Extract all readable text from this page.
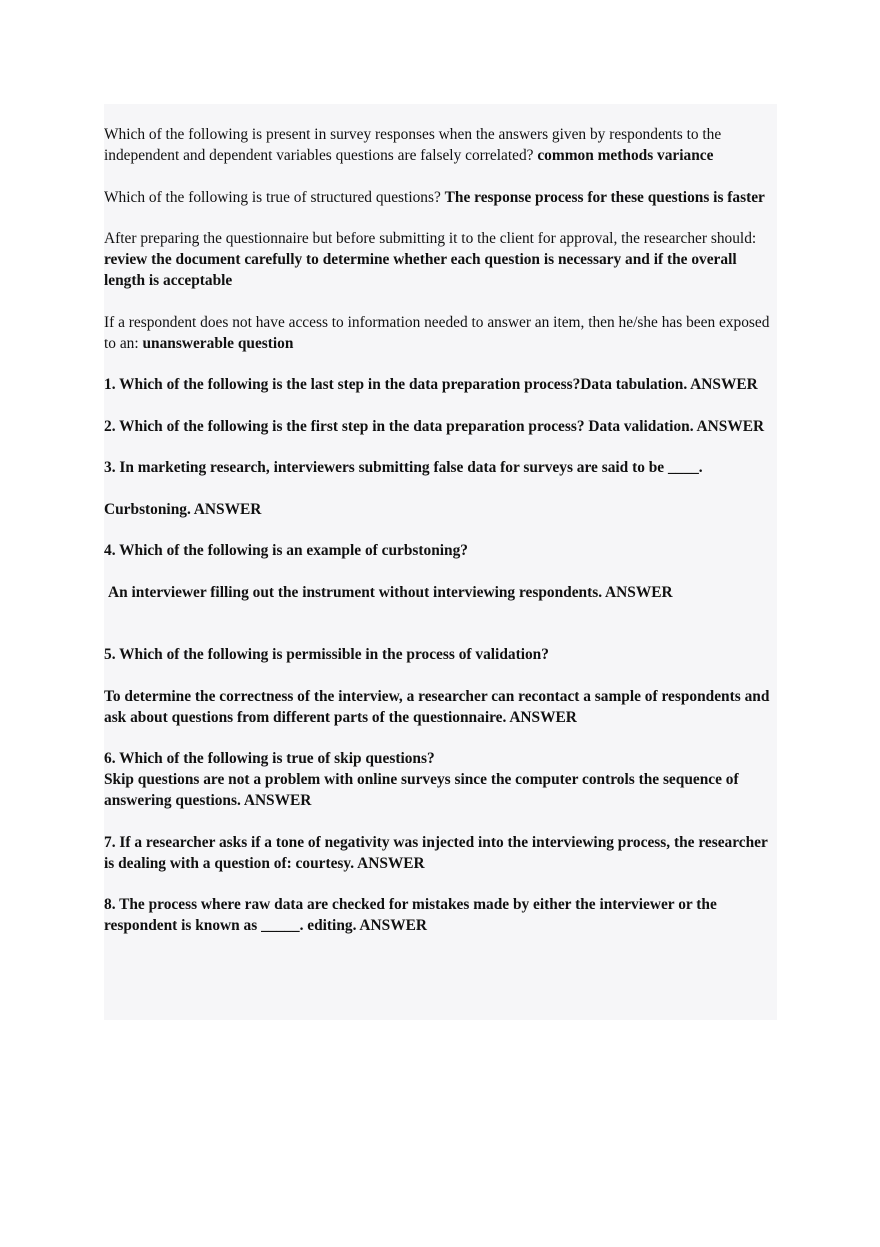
Which of the following is present in survey responses when the answers given by respondents to the independent and dependent variables questions are falsely correlated? common methods variance

Which of the following is true of structured questions? The response process for these questions is faster

After preparing the questionnaire but before submitting it to the client for approval, the researcher should: review the document carefully to determine whether each question is necessary and if the overall length is acceptable

If a respondent does not have access to information needed to answer an item, then he/she has been exposed to an: unanswerable question

1. Which of the following is the last step in the data preparation process?Data tabulation. ANSWER

2. Which of the following is the first step in the data preparation process? Data validation. ANSWER

3. In marketing research, interviewers submitting false data for surveys are said to be ____.

Curbstoning. ANSWER

4. Which of the following is an example of curbstoning?

An interviewer filling out the instrument without interviewing respondents. ANSWER

5. Which of the following is permissible in the process of validation?

To determine the correctness of the interview, a researcher can recontact a sample of respondents and ask about questions from different parts of the questionnaire. ANSWER

6. Which of the following is true of skip questions?
Skip questions are not a problem with online surveys since the computer controls the sequence of answering questions. ANSWER

7. If a researcher asks if a tone of negativity was injected into the interviewing process, the researcher is dealing with a question of: courtesy. ANSWER

8. The process where raw data are checked for mistakes made by either the interviewer or the respondent is known as _____. editing. ANSWER
